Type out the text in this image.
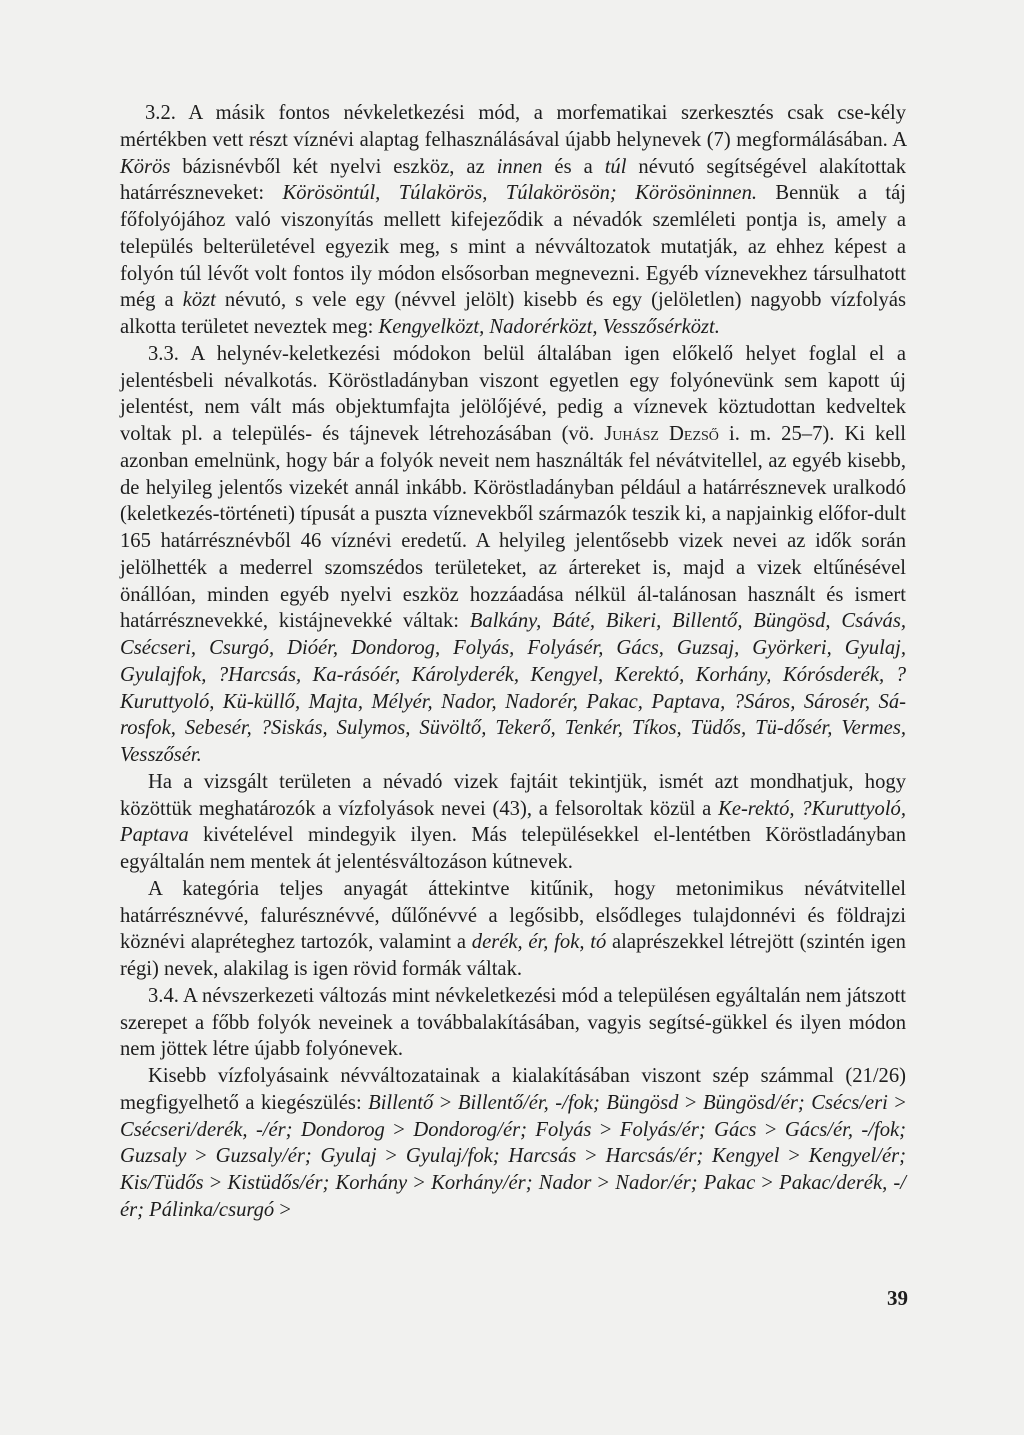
3.2. A másik fontos névkeletkezési mód, a morfematikai szerkesztés csak cse-kély mértékben vett részt víznévi alaptag felhasználásával újabb helynevek (7) megformálásában. A Körös bázisnévből két nyelvi eszköz, az innen és a túl névutó segítségével alakítottak határrészneveket: Körösöntúl, Túlakörös, Túlakörösön; Körösöninnen. Bennük a táj főfolyójához való viszonyítás mellett kifejeződik a névadók szemléleti pontja is, amely a település belterületével egyezik meg, s mint a névváltozatok mutatják, az ehhez képest a folyón túl lévőt volt fontos ily módon elsősorban megnevezni. Egyéb víznevekhez társulhatott még a közt névutó, s vele egy (névvel jelölt) kisebb és egy (jelöletlen) nagyobb vízfolyás alkotta területet neveztek meg: Kengyelközt, Nadorérközt, Vesszősérközt.

3.3. A helynév-keletkezési módokon belül általában igen előkelő helyet foglal el a jelentésbeli névalkotás. Köröstladányban viszont egyetlen egy folyónevünk sem kapott új jelentést, nem vált más objektumfajta jelölőjévé, pedig a víznevek köztudottan kedveltek voltak pl. a település- és tájnevek létrehozásában (vö. Juhász Dezső i. m. 25–7). Ki kell azonban emelnünk, hogy bár a folyók neveit nem használták fel névátvitellel, az egyéb kisebb, de helyileg jelentős vizekét annál inkább. Köröstladányban például a határrésznevek uralkodó (keletkezés-történeti) típusát a puszta víznevekből származók teszik ki, a napjainkig előfor-dult 165 határrésznévből 46 víznévi eredetű. A helyileg jelentősebb vizek nevei az idők során jelölhették a mederrel szomszédos területeket, az ártereket is, majd a vizek eltűnésével önállóan, minden egyéb nyelvi eszköz hozzáadása nélkül ál-talánosan használt és ismert határrésznevekké, kistájnevekké váltak: Balkány, Báté, Bikeri, Billentő, Büngösd, Csávás, Csécseri, Csurgó, Dióér, Dondorog, Folyás, Folyásér, Gács, Guzsaj, Györkeri, Gyulaj, Gyulajfok, ?Harcsás, Ka-rásóér, Károlyderék, Kengyel, Kerektó, Korhány, Kórósderék, ?Kuruttyoló, Kü-küllő, Majta, Mélyér, Nador, Nadorér, Pakac, Paptava, ?Sáros, Sárosér, Sá-rosfok, Sebesér, ?Siskás, Sulymos, Süvöltő, Tekerő, Tenkér, Tíkos, Tüdős, Tü-dősér, Vermes, Vesszősér.

Ha a vizsgált területen a névadó vizek fajtáit tekintjük, ismét azt mondhatjuk, hogy közöttük meghatározók a vízfolyások nevei (43), a felsoroltak közül a Ke-rektó, ?Kuruttyoló, Paptava kivételével mindegyik ilyen. Más településekkel el-lentétben Köröstladányban egyáltalán nem mentek át jelentésváltozáson kútnevek.

A kategória teljes anyagát áttekintve kitűnik, hogy metonimikus névátvitellel határrésznévvé, falurésznévvé, dűlőnévvé a legősibb, elsődleges tulajdonnévi és földrajzi köznévi alapréteghez tartozók, valamint a derék, ér, fok, tó alaprészekkel létrejött (szintén igen régi) nevek, alakilag is igen rövid formák váltak.

3.4. A névszerkezeti változás mint névkeletkezési mód a településen egyáltalán nem játszott szerepet a főbb folyók neveinek a továbbalakításában, vagyis segítsé-gükkel és ilyen módon nem jöttek létre újabb folyónevek.

Kisebb vízfolyásaink névváltozatainak a kialakításában viszont szép számmal (21/26) megfigyelhető a kiegészülés: Billentő > Billentő/ér, -/fok; Büngösd > Büngösd/ér; Csécs/eri > Csécseri/derék, -/ér; Dondorog > Dondorog/ér; Folyás > Folyás/ér; Gács > Gács/ér, -/fok; Guzsaly > Guzsaly/ér; Gyulaj > Gyulaj/fok; Harcsás > Harcsás/ér; Kengyel > Kengyel/ér; Kis/Tüdős > Kistüdős/ér; Korhány > Korhány/ér; Nador > Nador/ér; Pakac > Pakac/derék, -/ér; Pálinka/csurgó >

39
